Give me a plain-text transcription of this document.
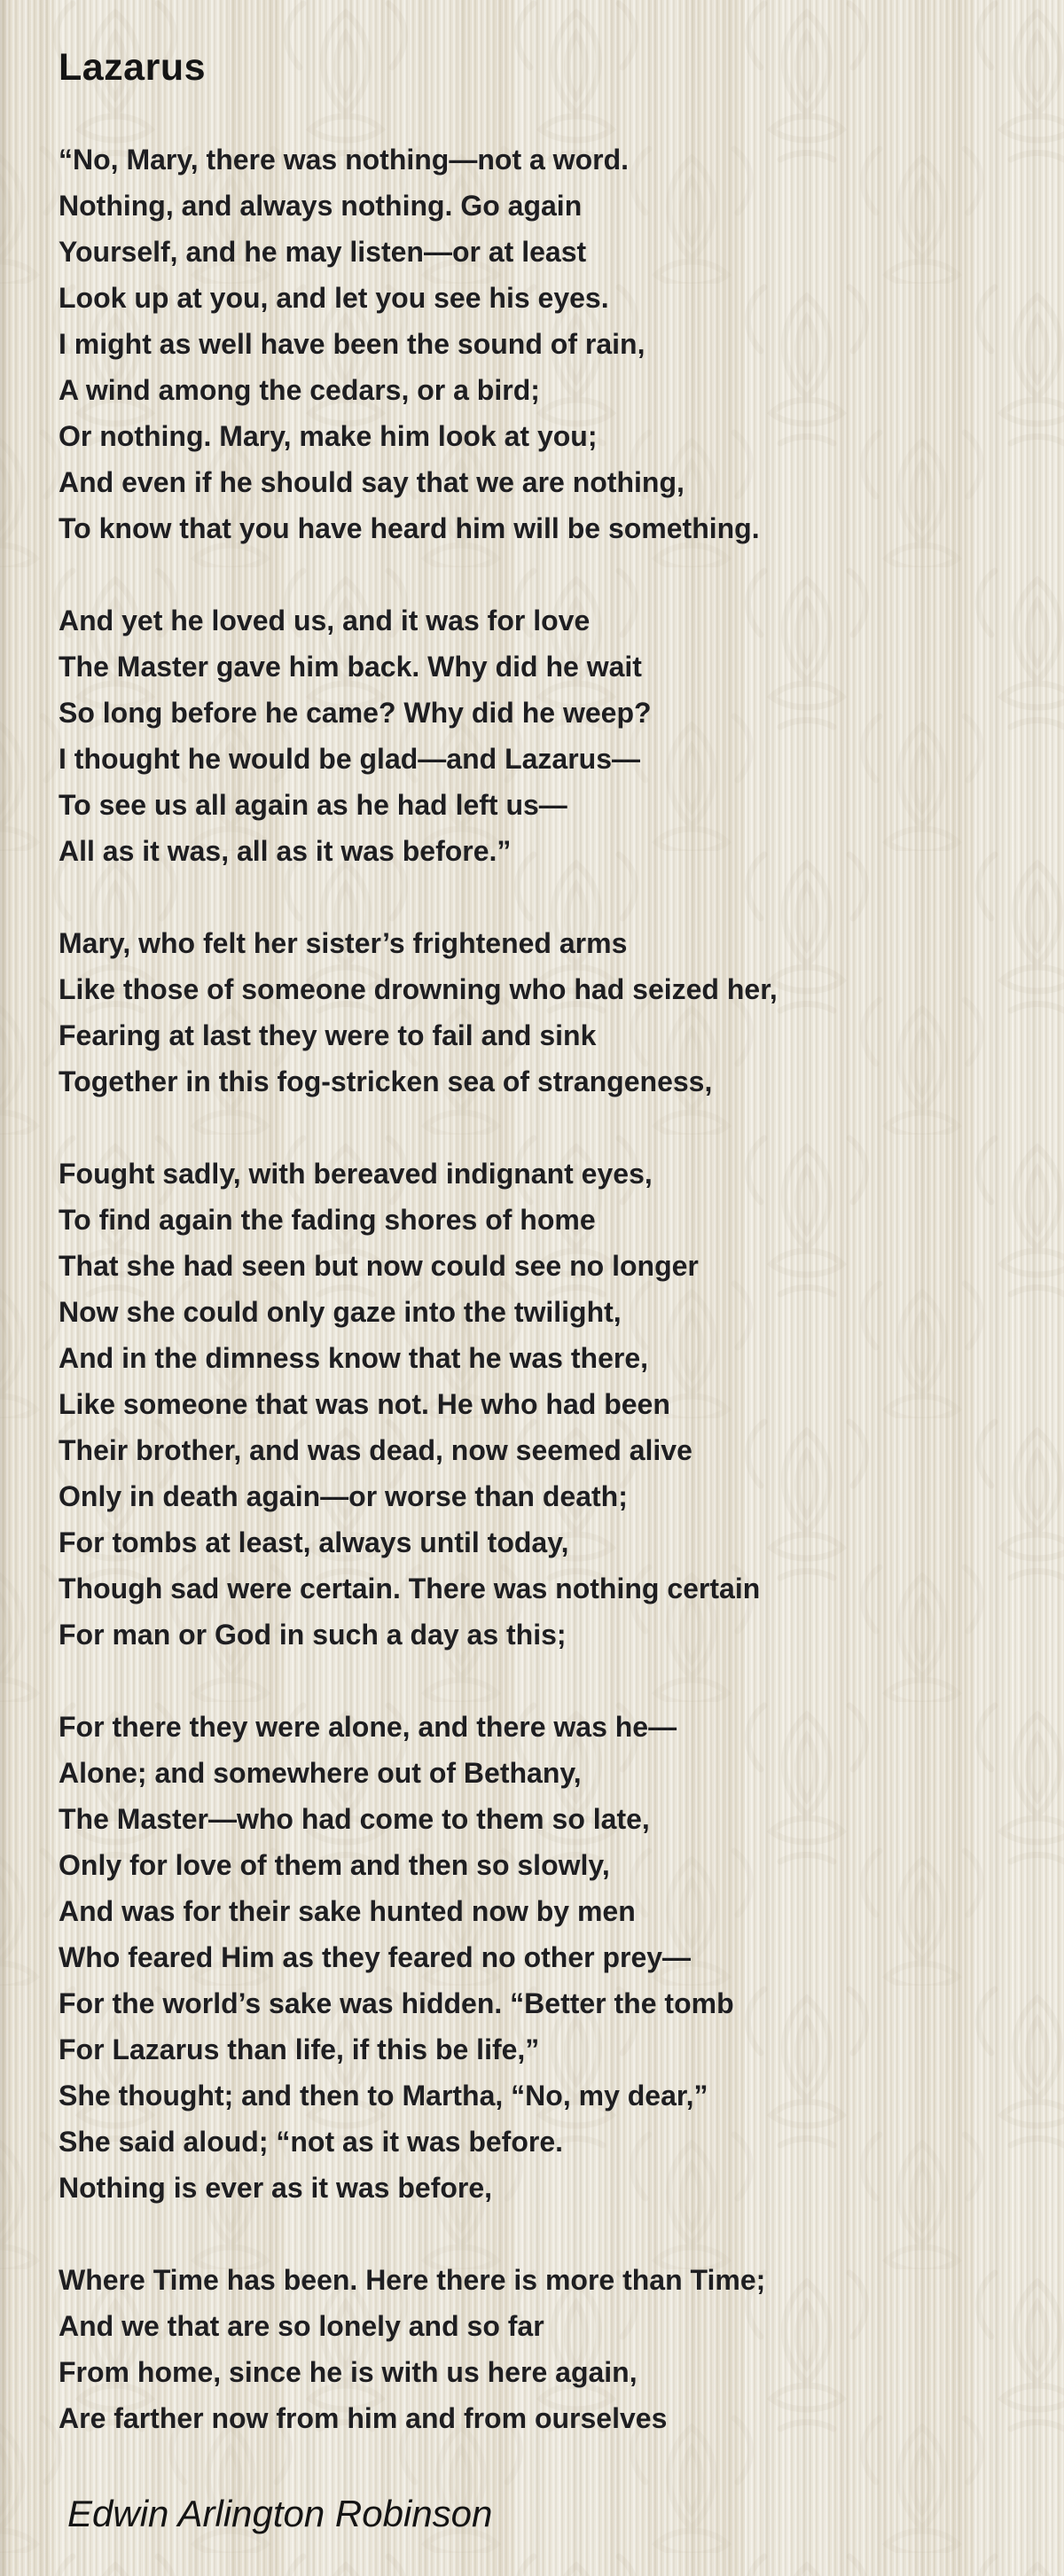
Lazarus

“No, Mary, there was nothing—not a word.

Nothing, and always nothing. Go again

Yourself, and he may listen—or at least

Look up at you, and let you see his eyes.

I might as well have been the sound of rain,

A wind among the cedars, or a bird;

Or nothing. Mary, make him look at you;

And even if he should say that we are nothing,

To know that you have heard him will be something.

And yet he loved us, and it was for love

The Master gave him back. Why did he wait

So long before he came? Why did he weep?

I thought he would be glad—and Lazarus—

To see us all again as he had left us—

All as it was, all as it was before.”

Mary, who felt her sister’s frightened arms

Like those of someone drowning who had seized her,

Fearing at last they were to fail and sink

Together in this fog-stricken sea of strangeness,

Fought sadly, with bereaved indignant eyes,

To find again the fading shores of home

That she had seen but now could see no longer

Now she could only gaze into the twilight,

And in the dimness know that he was there,

Like someone that was not. He who had been

Their brother, and was dead, now seemed alive

Only in death again—or worse than death;

For tombs at least, always until today,

Though sad were certain. There was nothing certain

For man or God in such a day as this;

For there they were alone, and there was he—

Alone; and somewhere out of Bethany,

The Master—who had come to them so late,

Only for love of them and then so slowly,

And was for their sake hunted now by men

Who feared Him as they feared no other prey—

For the world’s sake was hidden. “Better the tomb

For Lazarus than life, if this be life,”

She thought; and then to Martha, “No, my dear,”

She said aloud; “not as it was before.

Nothing is ever as it was before,

Where Time has been. Here there is more than Time;

And we that are so lonely and so far

From home, since he is with us here again,

Are farther now from him and from ourselves

Edwin Arlington Robinson
